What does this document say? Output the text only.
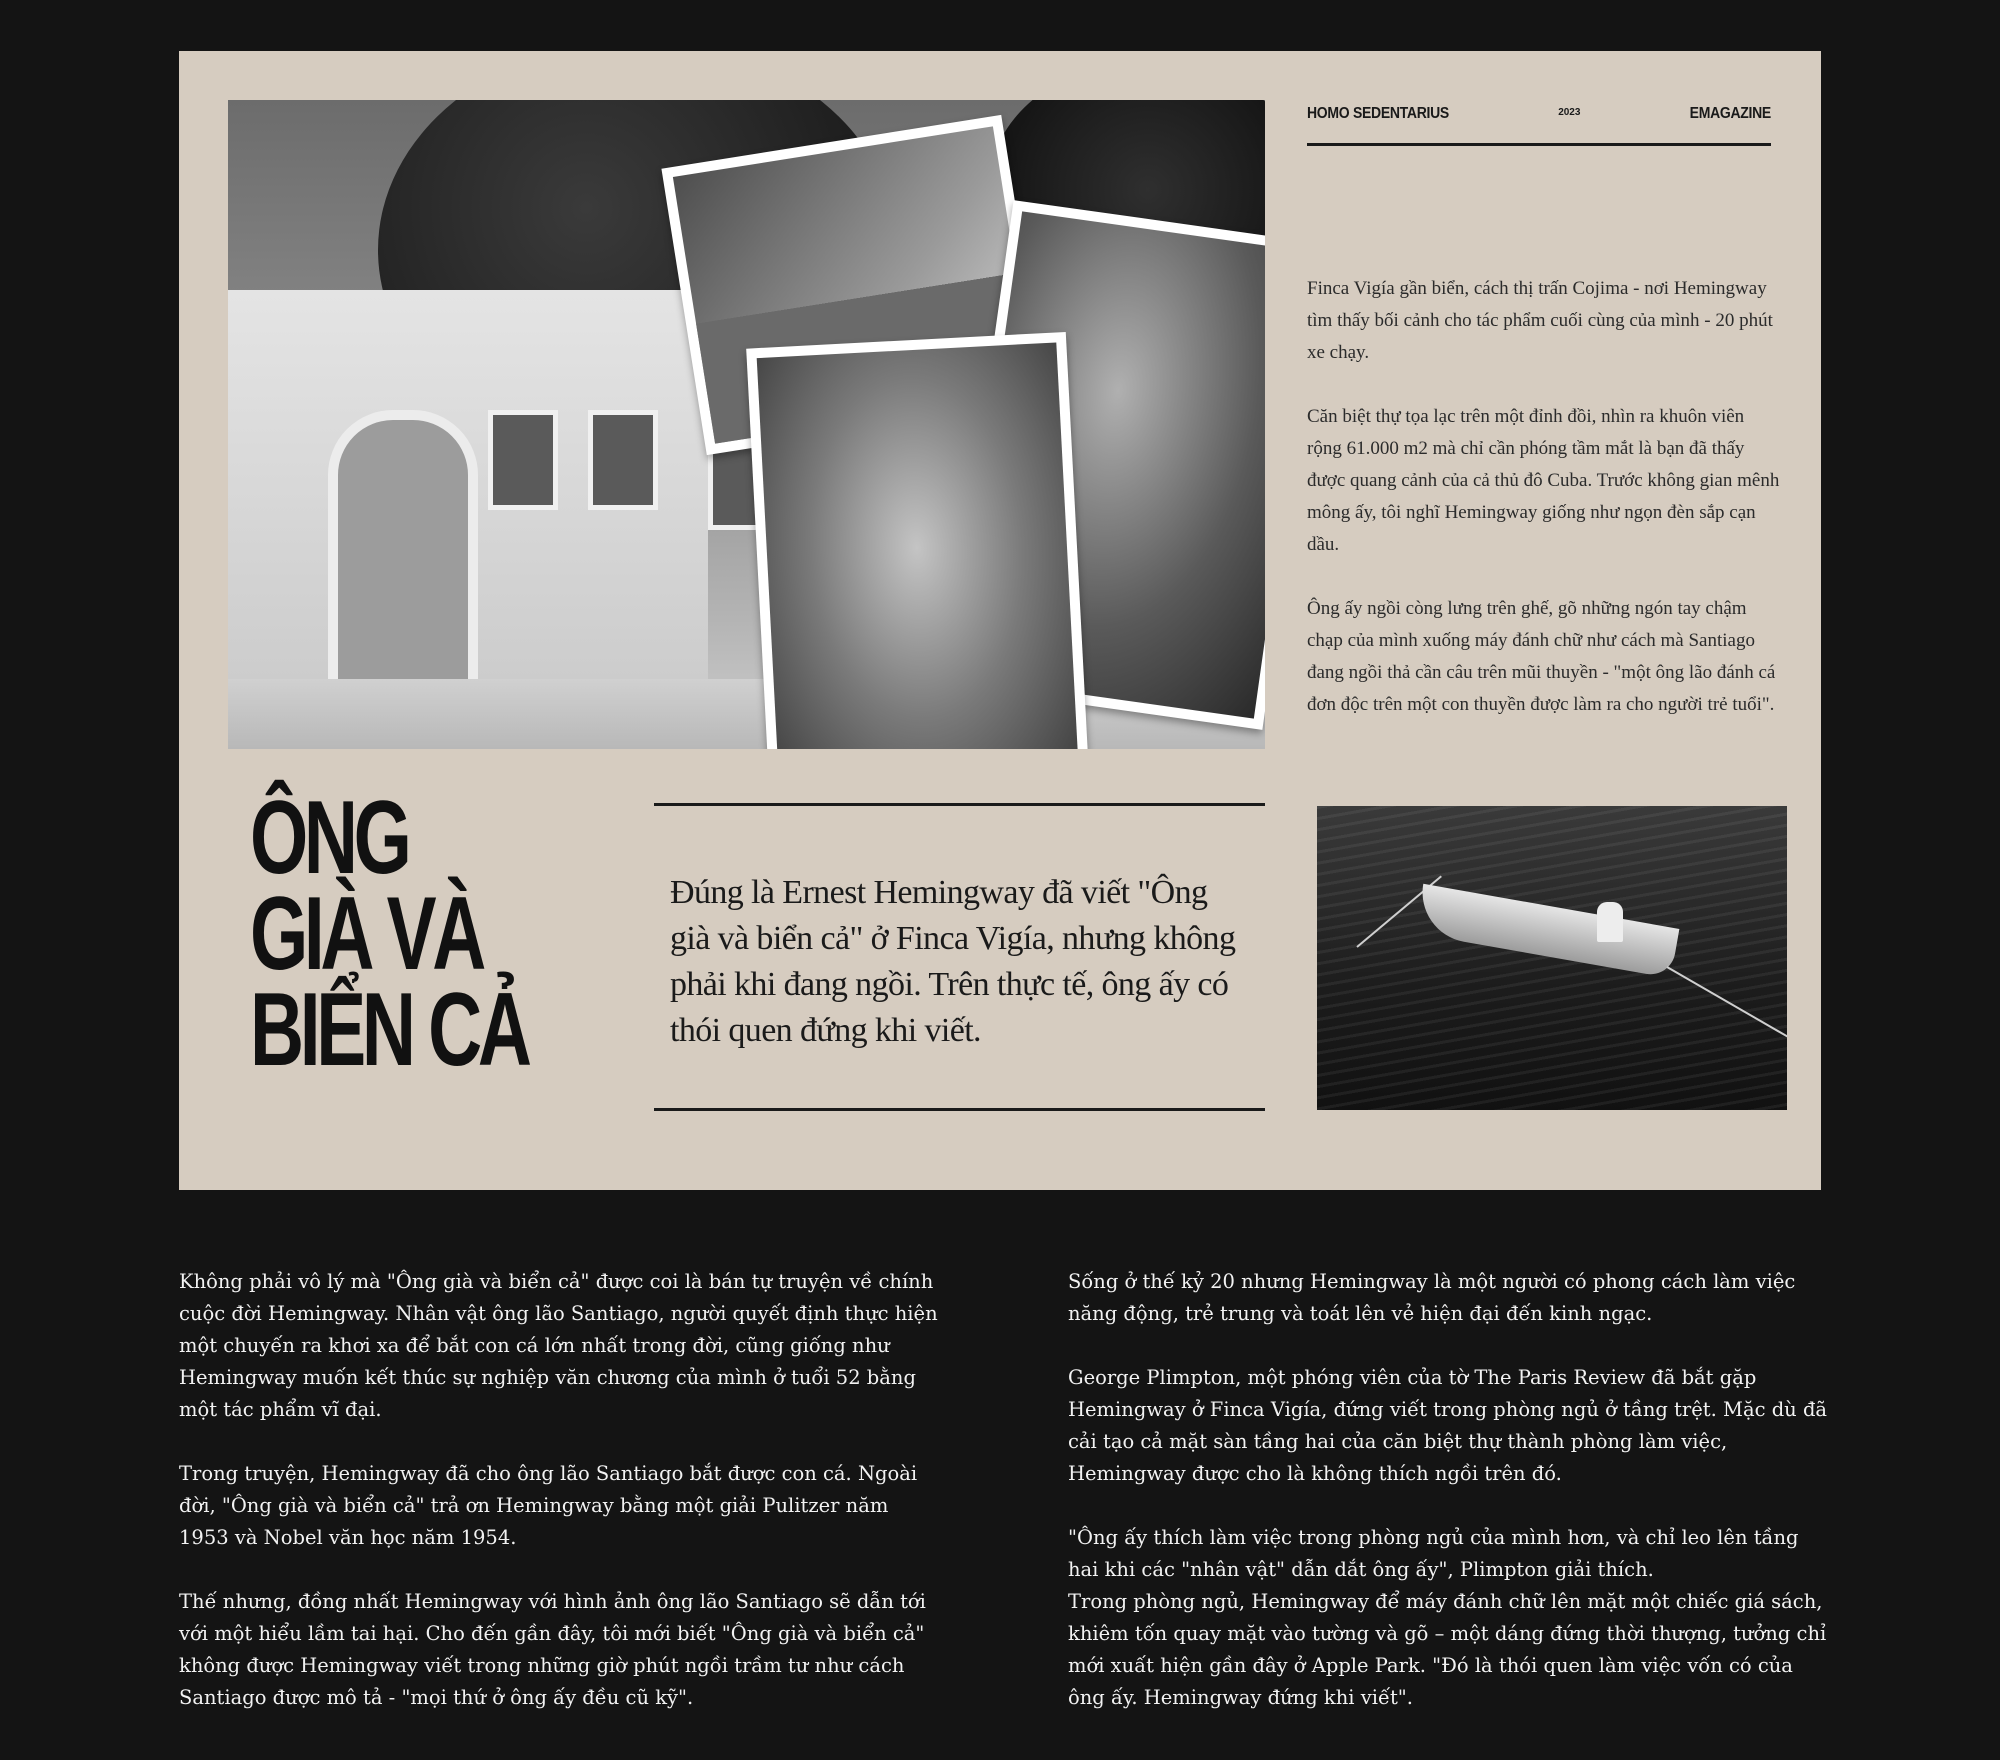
HOMO SEDENTARIUS	2023	EMAGAZINE

Finca Vigía gần biển, cách thị trấn Cojima - nơi Hemingway tìm thấy bối cảnh cho tác phẩm cuối cùng của mình - 20 phút xe chạy.

Căn biệt thự tọa lạc trên một đỉnh đồi, nhìn ra khuôn viên rộng 61.000 m2 mà chỉ cần phóng tầm mắt là bạn đã thấy được quang cảnh của cả thủ đô Cuba. Trước không gian mênh mông ấy, tôi nghĩ Hemingway giống như ngọn đèn sắp cạn dầu.

Ông ấy ngồi còng lưng trên ghế, gõ những ngón tay chậm chạp của mình xuống máy đánh chữ như cách mà Santiago đang ngồi thả cần câu trên mũi thuyền - "một ông lão đánh cá đơn độc trên một con thuyền được làm ra cho người trẻ tuổi".

ÔNG
GIÀ VÀ
BIỂN CẢ
Đúng là Ernest Hemingway đã viết "Ông già và biển cả" ở Finca Vigía, nhưng không phải khi đang ngồi. Trên thực tế, ông ấy có thói quen đứng khi viết.

Không phải vô lý mà "Ông già và biển cả" được coi là bán tự truyện về chính cuộc đời Hemingway. Nhân vật ông lão Santiago, người quyết định thực hiện một chuyến ra khơi xa để bắt con cá lớn nhất trong đời, cũng giống như Hemingway muốn kết thúc sự nghiệp văn chương của mình ở tuổi 52 bằng một tác phẩm vĩ đại.

Trong truyện, Hemingway đã cho ông lão Santiago bắt được con cá. Ngoài đời, "Ông già và biển cả" trả ơn Hemingway bằng một giải Pulitzer năm 1953 và Nobel văn học năm 1954.

Thế nhưng, đồng nhất Hemingway với hình ảnh ông lão Santiago sẽ dẫn tới với một hiểu lầm tai hại. Cho đến gần đây, tôi mới biết "Ông già và biển cả" không được Hemingway viết trong những giờ phút ngồi trầm tư như cách Santiago được mô tả - "mọi thứ ở ông ấy đều cũ kỹ".

Sống ở thế kỷ 20 nhưng Hemingway là một người có phong cách làm việc năng động, trẻ trung và toát lên vẻ hiện đại đến kinh ngạc.

George Plimpton, một phóng viên của tờ The Paris Review đã bắt gặp Hemingway ở Finca Vigía, đứng viết trong phòng ngủ ở tầng trệt. Mặc dù đã cải tạo cả mặt sàn tầng hai của căn biệt thự thành phòng làm việc, Hemingway được cho là không thích ngồi trên đó.

"Ông ấy thích làm việc trong phòng ngủ của mình hơn, và chỉ leo lên tầng hai khi các "nhân vật" dẫn dắt ông ấy", Plimpton giải thích.

Trong phòng ngủ, Hemingway để máy đánh chữ lên mặt một chiếc giá sách, khiêm tốn quay mặt vào tường và gõ – một dáng đứng thời thượng, tưởng chỉ mới xuất hiện gần đây ở Apple Park. "Đó là thói quen làm việc vốn có của ông ấy. Hemingway đứng khi viết".
